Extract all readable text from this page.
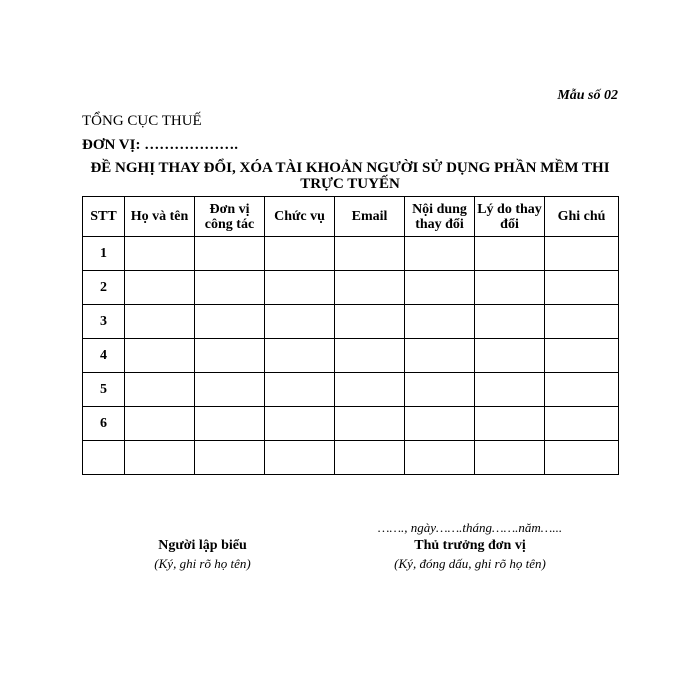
Mẫu số 02
TỔNG CỤC THUẾ
ĐƠN VỊ: ……………….
ĐỀ NGHỊ THAY ĐỔI, XÓA TÀI KHOẢN NGƯỜI SỬ DỤNG PHẦN MỀM THI TRỰC TUYẾN
STT	Họ và tên	Đơn vị công tác	Chức vụ	Email	Nội dung thay đổi	Lý do thay đổi	Ghi chú
1							
2							
3							
4							
5							
6							

……., ngày…….tháng…….năm…...
Người lập biểu
(Ký, ghi rõ họ tên)
Thủ trưởng đơn vị
(Ký, đóng dấu, ghi rõ họ tên)
